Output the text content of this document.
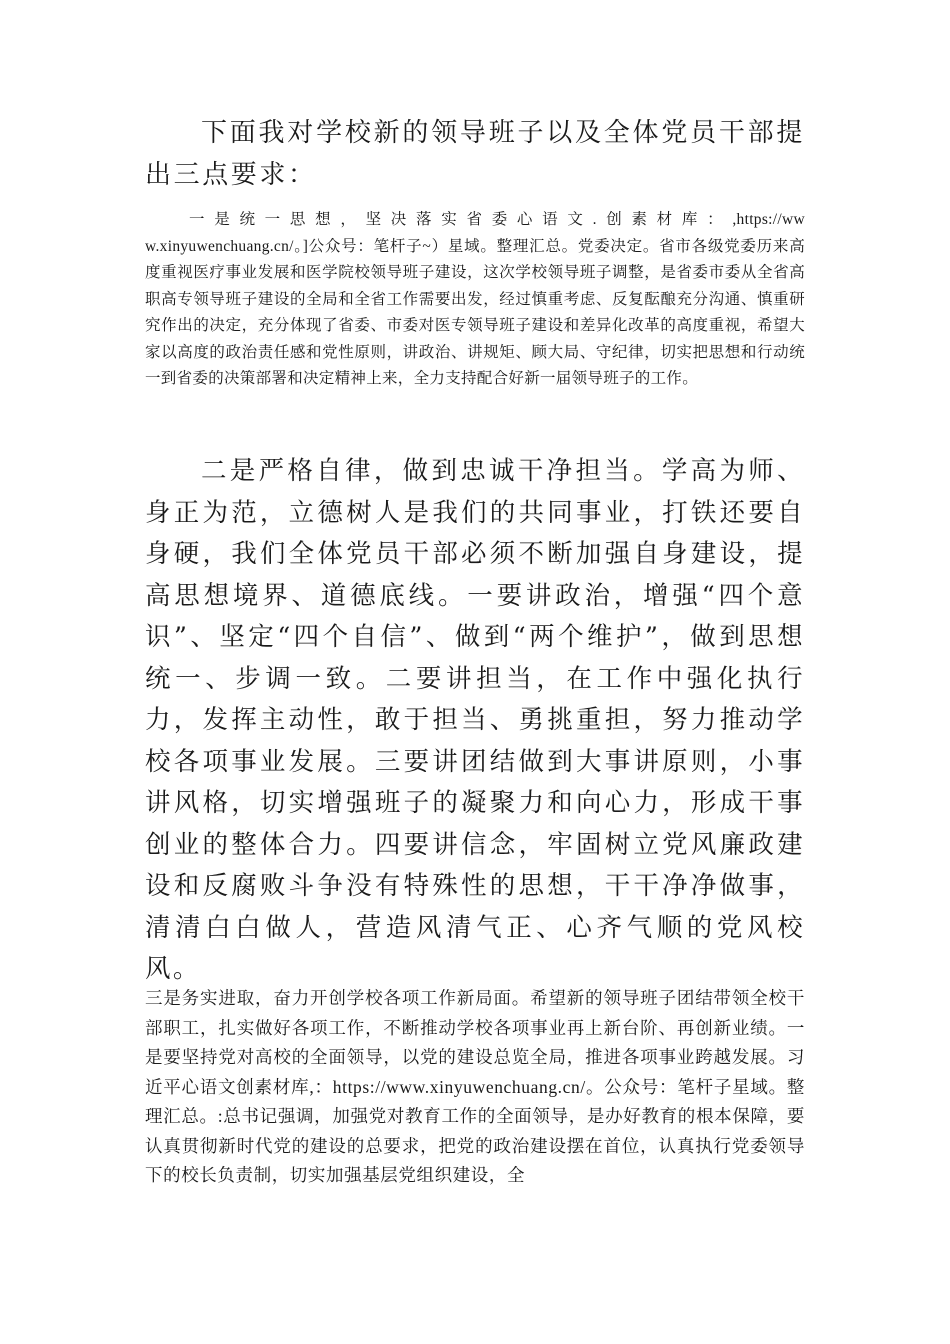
下面我对学校新的领导班子以及全体党员干部提出三点要求：

一是统一思想，坚决落实省委心语文.创素材库：,https://www.xinyuwenchuang.cn/。]公众号：笔杆子~）星域。整理汇总。党委决定。省市各级党委历来高度重视医疗事业发展和医学院校领导班子建设，这次学校领导班子调整，是省委市委从全省高职高专领导班子建设的全局和全省工作需要出发，经过慎重考虑、反复酝酿充分沟通、慎重研究作出的决定，充分体现了省委、市委对医专领导班子建设和差异化改革的高度重视，希望大家以高度的政治责任感和党性原则，讲政治、讲规矩、顾大局、守纪律，切实把思想和行动统一到省委的决策部署和决定精神上来，全力支持配合好新一届领导班子的工作。

二是严格自律，做到忠诚干净担当。学高为师、身正为范，立德树人是我们的共同事业，打铁还要自身硬，我们全体党员干部必须不断加强自身建设，提高思想境界、道德底线。一要讲政治，增强“四个意识”、坚定“四个自信”、做到“两个维护”，做到思想统一、步调一致。二要讲担当，在工作中强化执行力，发挥主动性，敢于担当、勇挑重担，努力推动学校各项事业发展。三要讲团结做到大事讲原则，小事讲风格，切实增强班子的凝聚力和向心力，形成干事创业的整体合力。四要讲信念，牢固树立党风廉政建设和反腐败斗争没有特殊性的思想，干干净净做事，清清白白做人，营造风清气正、心齐气顺的党风校风。

三是务实进取，奋力开创学校各项工作新局面。希望新的领导班子团结带领全校干部职工，扎实做好各项工作，不断推动学校各项事业再上新台阶、再创新业绩。一是要坚持党对高校的全面领导，以党的建设总览全局，推进各项事业跨越发展。习近平心语文创素材库,：https://www.xinyuwenchuang.cn/。公众号：笔杆子星域。整理汇总。:总书记强调，加强党对教育工作的全面领导，是办好教育的根本保障，要认真贯彻新时代党的建设的总要求，把党的政治建设摆在首位，认真执行党委领导下的校长负责制，切实加强基层党组织建设，全
